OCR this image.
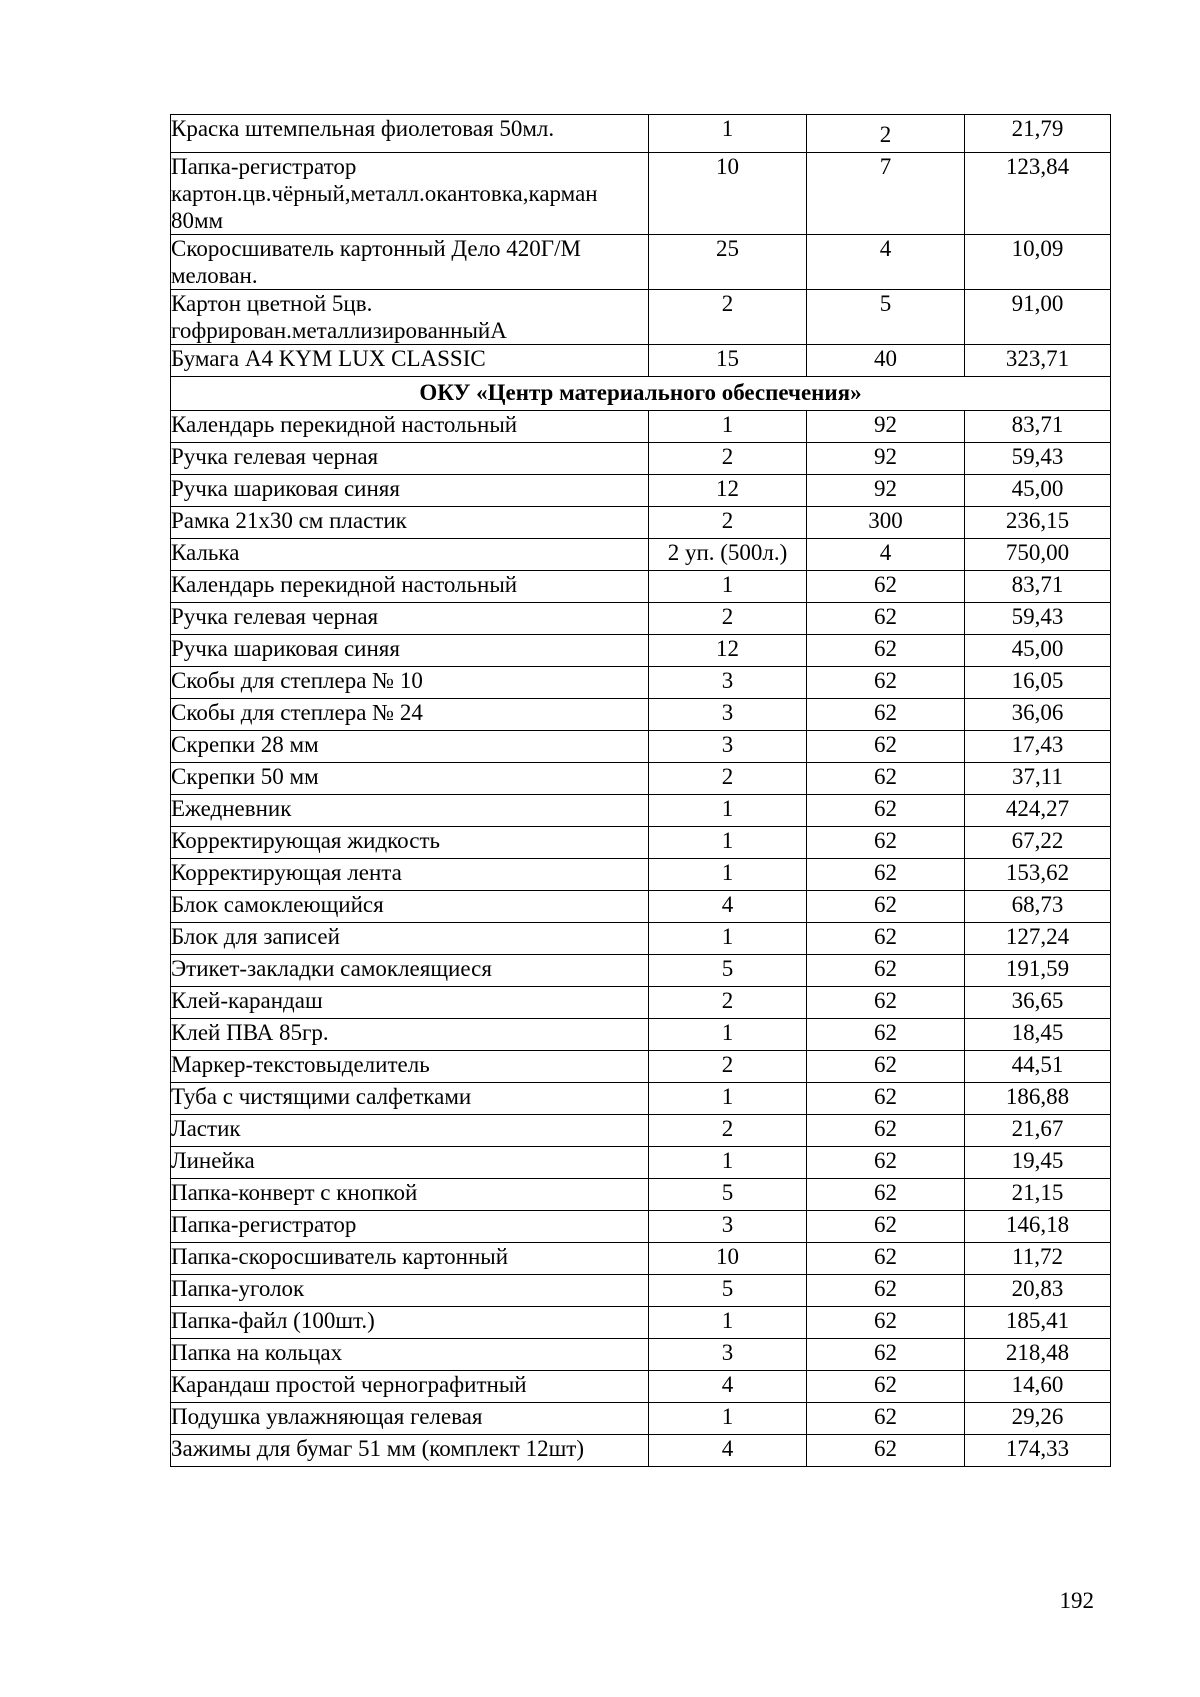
Краска штемпельная фиолетовая 50мл.	1	2	21,79
Папка-регистратор картон.цв.чёрный,металл.окантовка,карман 80мм	10	7	123,84
Скоросшиватель картонный Дело 420Г/М мелован.	25	4	10,09
Картон цветной 5цв. гофрирован.металлизированныйА	2	5	91,00
Бумага А4 KYM LUX CLASSIC	15	40	323,71
ОКУ «Центр материального обеспечения»			
Календарь перекидной настольный	1	92	83,71
Ручка гелевая черная	2	92	59,43
Ручка шариковая синяя	12	92	45,00
Рамка 21х30 см пластик	2	300	236,15
Калька	2 уп. (500л.)	4	750,00
Календарь перекидной настольный	1	62	83,71
Ручка гелевая черная	2	62	59,43
Ручка шариковая синяя	12	62	45,00
Скобы для степлера № 10	3	62	16,05
Скобы для степлера № 24	3	62	36,06
Скрепки 28 мм	3	62	17,43
Скрепки 50 мм	2	62	37,11
Ежедневник	1	62	424,27
Корректирующая жидкость	1	62	67,22
Корректирующая лента	1	62	153,62
Блок самоклеющийся	4	62	68,73
Блок для записей	1	62	127,24
Этикет-закладки самоклеящиеся	5	62	191,59
Клей-карандаш	2	62	36,65
Клей ПВА 85гр.	1	62	18,45
Маркер-текстовыделитель	2	62	44,51
Туба с чистящими салфетками	1	62	186,88
Ластик	2	62	21,67
Линейка	1	62	19,45
Папка-конверт с кнопкой	5	62	21,15
Папка-регистратор	3	62	146,18
Папка-скоросшиватель картонный	10	62	11,72
Папка-уголок	5	62	20,83
Папка-файл (100шт.)	1	62	185,41
Папка на кольцах	3	62	218,48
Карандаш простой чернографитный	4	62	14,60
Подушка увлажняющая гелевая	1	62	29,26
Зажимы для бумаг 51 мм (комплект 12шт)	4	62	174,33
192
